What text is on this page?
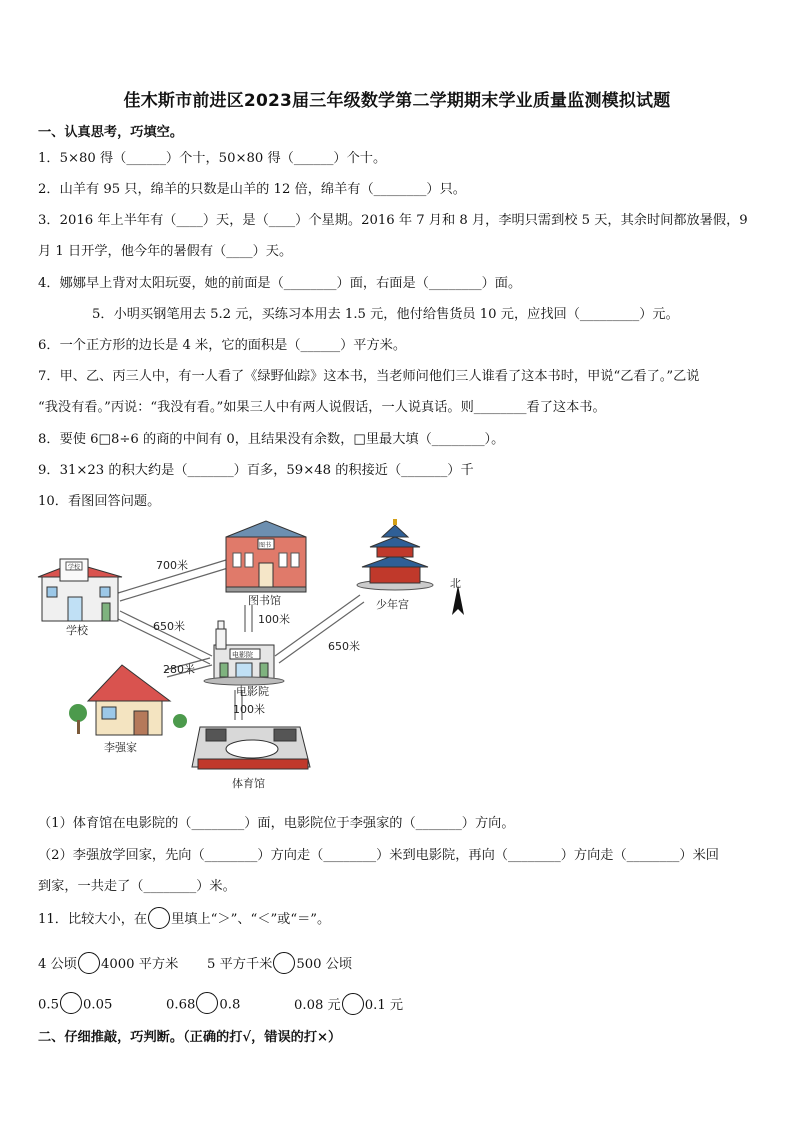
佳木斯市前进区2023届三年级数学第二学期期末学业质量监测模拟试题
一、认真思考，巧填空。
1．5×80 得（______）个十，50×80 得（______）个十。
2．山羊有 95 只，绵羊的只数是山羊的 12 倍，绵羊有（________）只。
3．2016 年上半年有（____）天，是（____）个星期。2016 年 7 月和 8 月，李明只需到校 5 天，其余时间都放暑假，9
月 1 日开学，他今年的暑假有（____）天。
4．娜娜早上背对太阳玩耍，她的前面是（________）面，右面是（________）面。
5．小明买钢笔用去 5.2 元，买练习本用去 1.5 元，他付给售货员 10 元，应找回（_________）元。
6．一个正方形的边长是 4 米，它的面积是（______）平方米。
7．甲、乙、丙三人中，有一人看了《绿野仙踪》这本书，当老师问他们三人谁看了这本书时，甲说“乙看了。”乙说
“我没有看。”丙说：“我没有看。”如果三人中有两人说假话，一人说真话。则________看了这本书。
8．要使 6□8÷6 的商的中间有 0，且结果没有余数，□里最大填（________）。
9．31×23 的积大约是（_______）百多，59×48 的积接近（_______）千
10．看图回答问题。
学校
学校
图书
图书馆	少年宫
北
电影院
电影院
李强家
体育馆
700米
650米
100米
650米
280米
100米
（1）体育馆在电影院的（________）面，电影院位于李强家的（_______）方向。
（2）李强放学回家，先向（________）方向走（________）米到电影院，再向（________）方向走（________）米回
到家，一共走了（________）米。
11．比较大小，在 里填上“＞”、“＜”或“＝”。
4 公顷 4000 平方米 5 平方千米 500 公顷
0.5 0.05	0.68 0.8	0.08 元 0.1 元
二、仔细推敲，巧判断。（正确的打√，错误的打×）
